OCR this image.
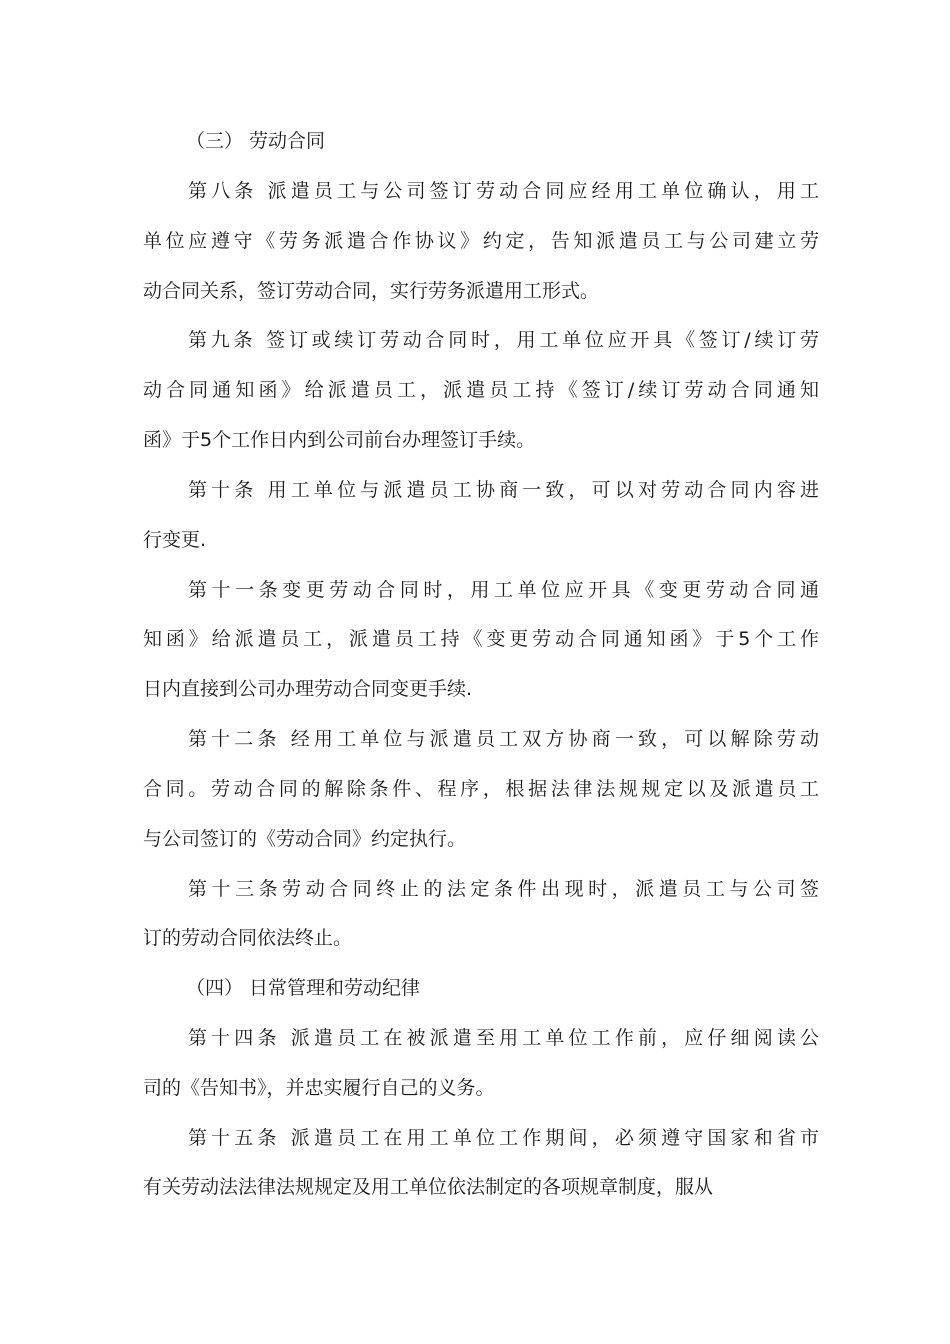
（三） 劳动合同
第八条 派遣员工与公司签订劳动合同应经用工单位确认，用工
单位应遵守《劳务派遣合作协议》约定，告知派遣员工与公司建立劳
动合同关系，签订劳动合同，实行劳务派遣用工形式。
第九条 签订或续订劳动合同时，用工单位应开具《签订/续订劳
动合同通知函》给派遣员工，派遣员工持《签订/续订劳动合同通知
函》于5个工作日内到公司前台办理签订手续。
第十条 用工单位与派遣员工协商一致，可以对劳动合同内容进
行变更.
第十一条变更劳动合同时，用工单位应开具《变更劳动合同通
知函》给派遣员工，派遣员工持《变更劳动合同通知函》于5个工作
日内直接到公司办理劳动合同变更手续.
第十二条 经用工单位与派遣员工双方协商一致，可以解除劳动
合同。劳动合同的解除条件、程序，根据法律法规规定以及派遣员工
与公司签订的《劳动合同》约定执行。
第十三条劳动合同终止的法定条件出现时，派遣员工与公司签
订的劳动合同依法终止。
（四） 日常管理和劳动纪律
第十四条 派遣员工在被派遣至用工单位工作前，应仔细阅读公
司的《告知书》，并忠实履行自己的义务。
第十五条 派遣员工在用工单位工作期间，必须遵守国家和省市
有关劳动法法律法规规定及用工单位依法制定的各项规章制度，服从
